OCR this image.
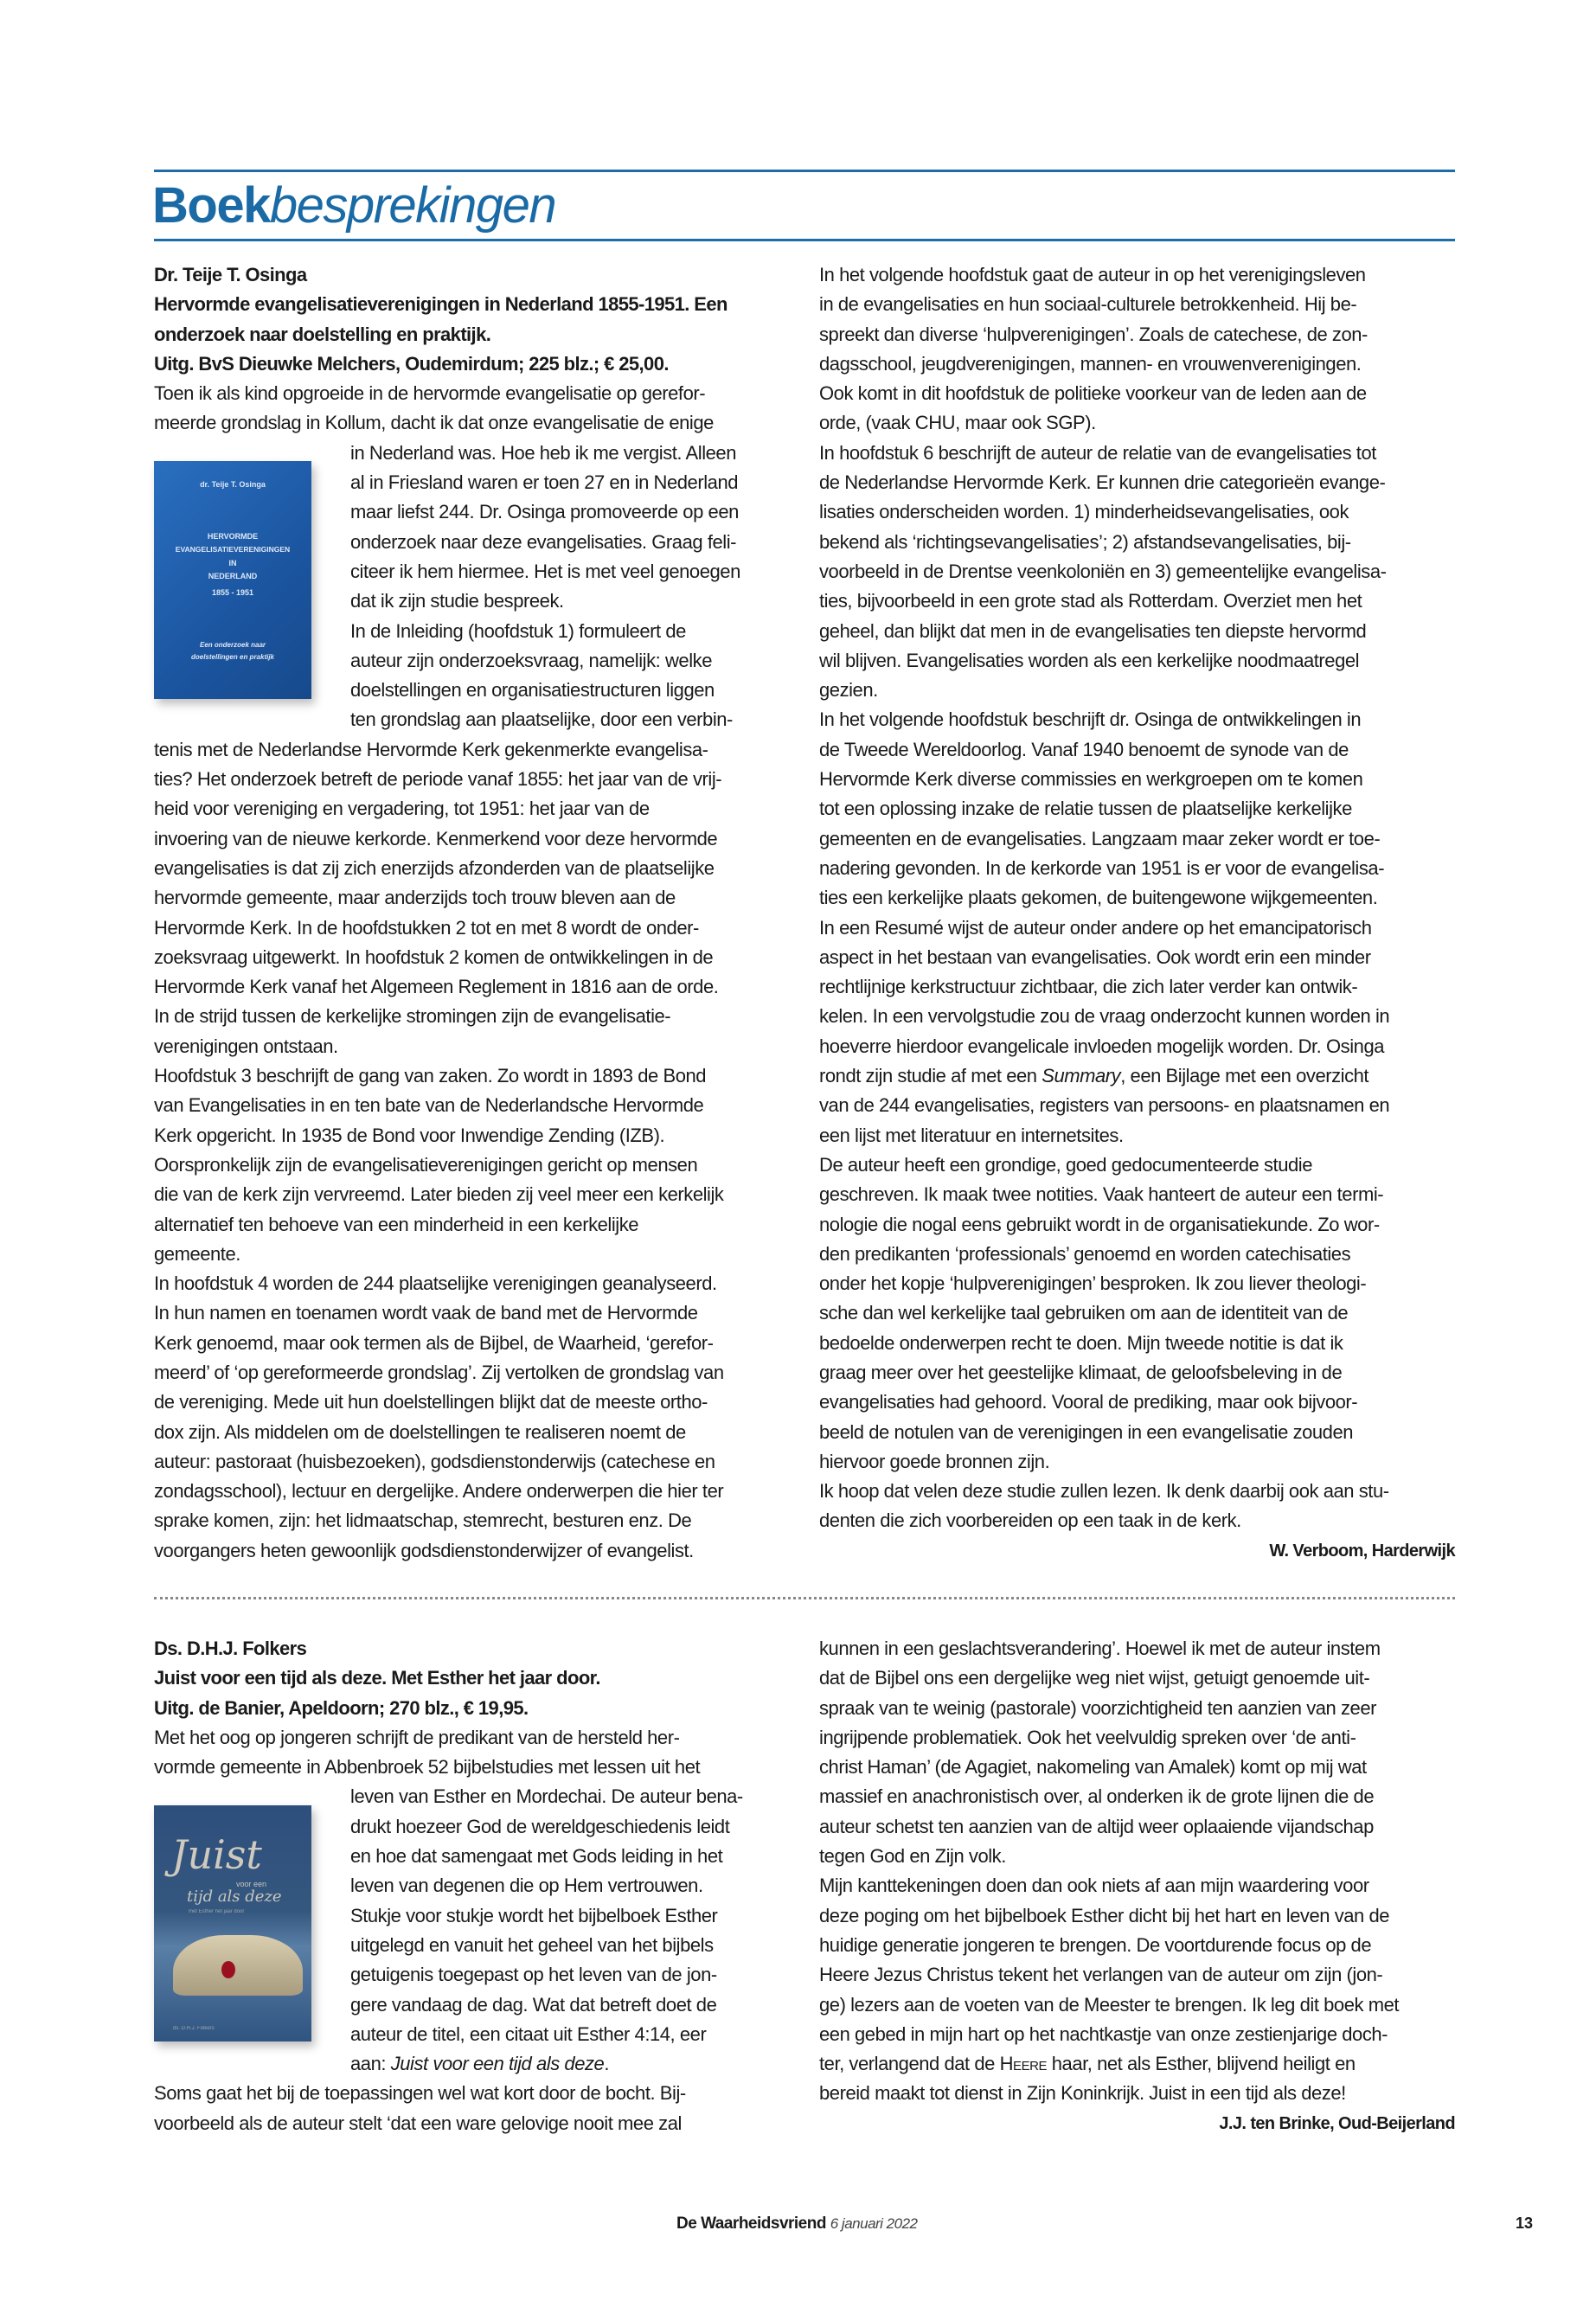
Boekbesprekingen
Dr. Teije T. Osinga
Hervormde evangelisatieverenigingen in Nederland 1855-1951. Een
onderzoek naar doelstelling en praktijk.
Uitg. BvS Dieuwke Melchers, Oudemirdum; 225 blz.; € 25,00.
Toen ik als kind opgroeide in de hervormde evangelisatie op gerefor-
meerde grondslag in Kollum, dacht ik dat onze evangelisatie de enige
in Nederland was. Hoe heb ik me vergist. Alleen
al in Friesland waren er toen 27 en in Nederland
maar liefst 244. Dr. Osinga promoveerde op een
onderzoek naar deze evangelisaties. Graag feli-
citeer ik hem hiermee. Het is met veel genoegen
dat ik zijn studie bespreek.
In de Inleiding (hoofdstuk 1) formuleert de
auteur zijn onderzoeksvraag, namelijk: welke
doelstellingen en organisatiestructuren liggen
ten grondslag aan plaatselijke, door een verbin-
tenis met de Nederlandse Hervormde Kerk gekenmerkte evangelisa-
ties? Het onderzoek betreft de periode vanaf 1855: het jaar van de vrij-
heid voor vereniging en vergadering, tot 1951: het jaar van de
invoering van de nieuwe kerkorde. Kenmerkend voor deze hervormde
evangelisaties is dat zij zich enerzijds afzonderden van de plaatselijke
hervormde gemeente, maar anderzijds toch trouw bleven aan de
Hervormde Kerk. In de hoofdstukken 2 tot en met 8 wordt de onder-
zoeksvraag uitgewerkt. In hoofdstuk 2 komen de ontwikkelingen in de
Hervormde Kerk vanaf het Algemeen Reglement in 1816 aan de orde.
In de strijd tussen de kerkelijke stromingen zijn de evangelisatie-
verenigingen ontstaan.
Hoofdstuk 3 beschrijft de gang van zaken. Zo wordt in 1893 de Bond
van Evangelisaties in en ten bate van de Nederlandsche Hervormde
Kerk opgericht. In 1935 de Bond voor Inwendige Zending (IZB).
Oorspronkelijk zijn de evangelisatieverenigingen gericht op mensen
die van de kerk zijn vervreemd. Later bieden zij veel meer een kerkelijk
alternatief ten behoeve van een minderheid in een kerkelijke
gemeente.
In hoofdstuk 4 worden de 244 plaatselijke verenigingen geanalyseerd.
In hun namen en toenamen wordt vaak de band met de Hervormde
Kerk genoemd, maar ook termen als de Bijbel, de Waarheid, ‘gerefor-
meerd’ of ‘op gereformeerde grondslag’. Zij vertolken de grondslag van
de vereniging. Mede uit hun doelstellingen blijkt dat de meeste ortho-
dox zijn. Als middelen om de doelstellingen te realiseren noemt de
auteur: pastoraat (huisbezoeken), godsdienstonderwijs (catechese en
zondagsschool), lectuur en dergelijke. Andere onderwerpen die hier ter
sprake komen, zijn: het lidmaatschap, stemrecht, besturen enz. De
voorgangers heten gewoonlijk godsdienstonderwijzer of evangelist.
In het volgende hoofdstuk gaat de auteur in op het verenigingsleven
in de evangelisaties en hun sociaal-culturele betrokkenheid. Hij be-
spreekt dan diverse ‘hulpverenigingen’. Zoals de catechese, de zon-
dagsschool, jeugdverenigingen, mannen- en vrouwenverenigingen.
Ook komt in dit hoofdstuk de politieke voorkeur van de leden aan de
orde, (vaak CHU, maar ook SGP).
In hoofdstuk 6 beschrijft de auteur de relatie van de evangelisaties tot
de Nederlandse Hervormde Kerk. Er kunnen drie categorieën evange-
lisaties onderscheiden worden. 1) minderheidsevangelisaties, ook
bekend als ‘richtingsevangelisaties’; 2) afstandsevangelisaties, bij-
voorbeeld in de Drentse veenkoloniën en 3) gemeentelijke evangelisa-
ties, bijvoorbeeld in een grote stad als Rotterdam. Overziet men het
geheel, dan blijkt dat men in de evangelisaties ten diepste hervormd
wil blijven. Evangelisaties worden als een kerkelijke noodmaatregel
gezien.
In het volgende hoofdstuk beschrijft dr. Osinga de ontwikkelingen in
de Tweede Wereldoorlog. Vanaf 1940 benoemt de synode van de
Hervormde Kerk diverse commissies en werkgroepen om te komen
tot een oplossing inzake de relatie tussen de plaatselijke kerkelijke
gemeenten en de evangelisaties. Langzaam maar zeker wordt er toe-
nadering gevonden. In de kerkorde van 1951 is er voor de evangelisa-
ties een kerkelijke plaats gekomen, de buitengewone wijkgemeenten.
In een Resumé wijst de auteur onder andere op het emancipatorisch
aspect in het bestaan van evangelisaties. Ook wordt erin een minder
rechtlijnige kerkstructuur zichtbaar, die zich later verder kan ontwik-
kelen. In een vervolgstudie zou de vraag onderzocht kunnen worden in
hoeverre hierdoor evangelicale invloeden mogelijk worden. Dr. Osinga
rondt zijn studie af met een Summary, een Bijlage met een overzicht
van de 244 evangelisaties, registers van persoons- en plaatsnamen en
een lijst met literatuur en internetsites.
De auteur heeft een grondige, goed gedocumenteerde studie
geschreven. Ik maak twee notities. Vaak hanteert de auteur een termi-
nologie die nogal eens gebruikt wordt in de organisatiekunde. Zo wor-
den predikanten ‘professionals’ genoemd en worden catechisaties
onder het kopje ‘hulpverenigingen’ besproken. Ik zou liever theologi-
sche dan wel kerkelijke taal gebruiken om aan de identiteit van de
bedoelde onderwerpen recht te doen. Mijn tweede notitie is dat ik
graag meer over het geestelijke klimaat, de geloofsbeleving in de
evangelisaties had gehoord. Vooral de prediking, maar ook bijvoor-
beeld de notulen van de verenigingen in een evangelisatie zouden
hiervoor goede bronnen zijn.
Ik hoop dat velen deze studie zullen lezen. Ik denk daarbij ook aan stu-
denten die zich voorbereiden op een taak in de kerk.
W. Verboom, Harderwijk
dr. Teije T. Osinga
HERVORMDE
EVANGELISATIEVERENIGINGEN
IN
NEDERLAND
1855 - 1951
Een onderzoek naar
doelstellingen en praktijk
Ds. D.H.J. Folkers
Juist voor een tijd als deze. Met Esther het jaar door.
Uitg. de Banier, Apeldoorn; 270 blz., € 19,95.
Met het oog op jongeren schrijft de predikant van de hersteld her-
vormde gemeente in Abbenbroek 52 bijbelstudies met lessen uit het
leven van Esther en Mordechai. De auteur bena-
drukt hoezeer God de wereldgeschiedenis leidt
en hoe dat samengaat met Gods leiding in het
leven van degenen die op Hem vertrouwen.
Stukje voor stukje wordt het bijbelboek Esther
uitgelegd en vanuit het geheel van het bijbels
getuigenis toegepast op het leven van de jon-
gere vandaag de dag. Wat dat betreft doet de
auteur de titel, een citaat uit Esther 4:14, eer
aan: Juist voor een tijd als deze.
Soms gaat het bij de toepassingen wel wat kort door de bocht. Bij-
voorbeeld als de auteur stelt ‘dat een ware gelovige nooit mee zal
kunnen in een geslachtsverandering’. Hoewel ik met de auteur instem
dat de Bijbel ons een dergelijke weg niet wijst, getuigt genoemde uit-
spraak van te weinig (pastorale) voorzichtigheid ten aanzien van zeer
ingrijpende problematiek. Ook het veelvuldig spreken over ‘de anti-
christ Haman’ (de Agagiet, nakomeling van Amalek) komt op mij wat
massief en anachronistisch over, al onderken ik de grote lijnen die de
auteur schetst ten aanzien van de altijd weer oplaaiende vijandschap
tegen God en Zijn volk.
Mijn kanttekeningen doen dan ook niets af aan mijn waardering voor
deze poging om het bijbelboek Esther dicht bij het hart en leven van de
huidige generatie jongeren te brengen. De voortdurende focus op de
Heere Jezus Christus tekent het verlangen van de auteur om zijn (jon-
ge) lezers aan de voeten van de Meester te brengen. Ik leg dit boek met
een gebed in mijn hart op het nachtkastje van onze zestienjarige doch-
ter, verlangend dat de Heere haar, net als Esther, blijvend heiligt en
bereid maakt tot dienst in Zijn Koninkrijk. Juist in een tijd als deze!
J.J. ten Brinke, Oud-Beijerland
Juist
voor een
tijd als deze
met Esther het jaar door
ds. D.H.J. Folkers
De Waarheidsvriend 6 januari 2022	13
